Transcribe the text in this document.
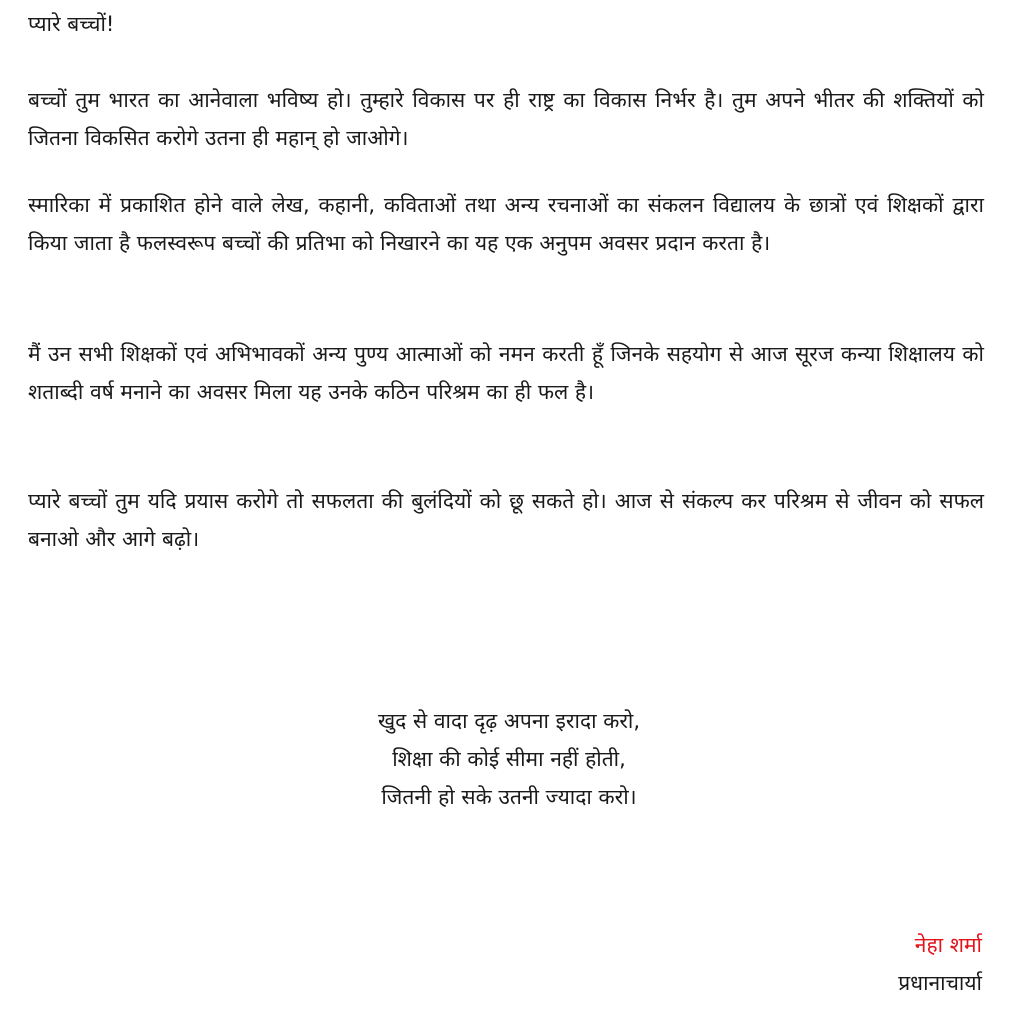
प्यारे बच्चों!

बच्चों तुम भारत का आनेवाला भविष्य हो। तुम्हारे विकास पर ही राष्ट्र का विकास निर्भर है। तुम अपने भीतर की शक्तियों को जितना विकसित करोगे उतना ही महान् हो जाओगे।

स्मारिका में प्रकाशित होने वाले लेख, कहानी, कविताओं तथा अन्य रचनाओं का संकलन विद्यालय के छात्रों एवं शिक्षकों द्वारा किया जाता है फलस्वरूप बच्चों की प्रतिभा को निखारने का यह एक अनुपम अवसर प्रदान करता है।

मैं उन सभी शिक्षकों एवं अभिभावकों अन्य पुण्य आत्माओं को नमन करती हूँ जिनके सहयोग से आज सूरज कन्या शिक्षालय को शताब्दी वर्ष मनाने का अवसर मिला यह उनके कठिन परिश्रम का ही फल है।

प्यारे बच्चों तुम यदि प्रयास करोगे तो सफलता की बुलंदियों को छू सकते हो। आज से संकल्प कर परिश्रम से जीवन को सफल बनाओ और आगे बढ़ो।

खुद से वादा दृढ़ अपना इरादा करो,
शिक्षा की कोई सीमा नहीं होती,
जितनी हो सके उतनी ज्यादा करो।
नेहा शर्मा
प्रधानाचार्या
